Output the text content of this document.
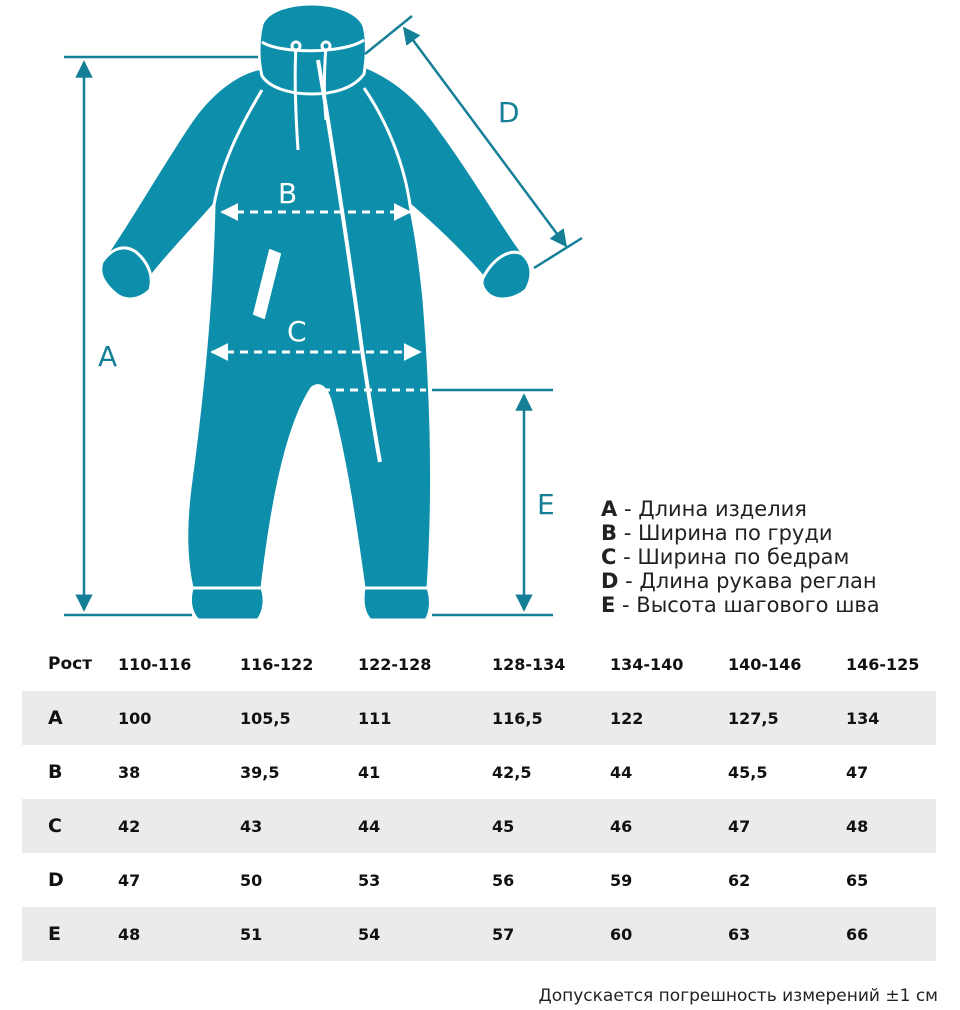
A
B
C
D
E A - Длина изделия
B - Ширина по груди
C - Ширина по бедрам
D - Длина рукава реглан
E - Высота шагового шва
Рост	110-116	116-122	122-128	128-134	134-140	140-146	146-125
A	100	105,5	111	116,5	122	127,5	134
B	38	39,5	41	42,5	44	45,5	47
C	42	43	44	45	46	47	48
D	47	50	53	56	59	62	65
E	48	51	54	57	60	63	66
Допускается погрешность измерений ±1 см
